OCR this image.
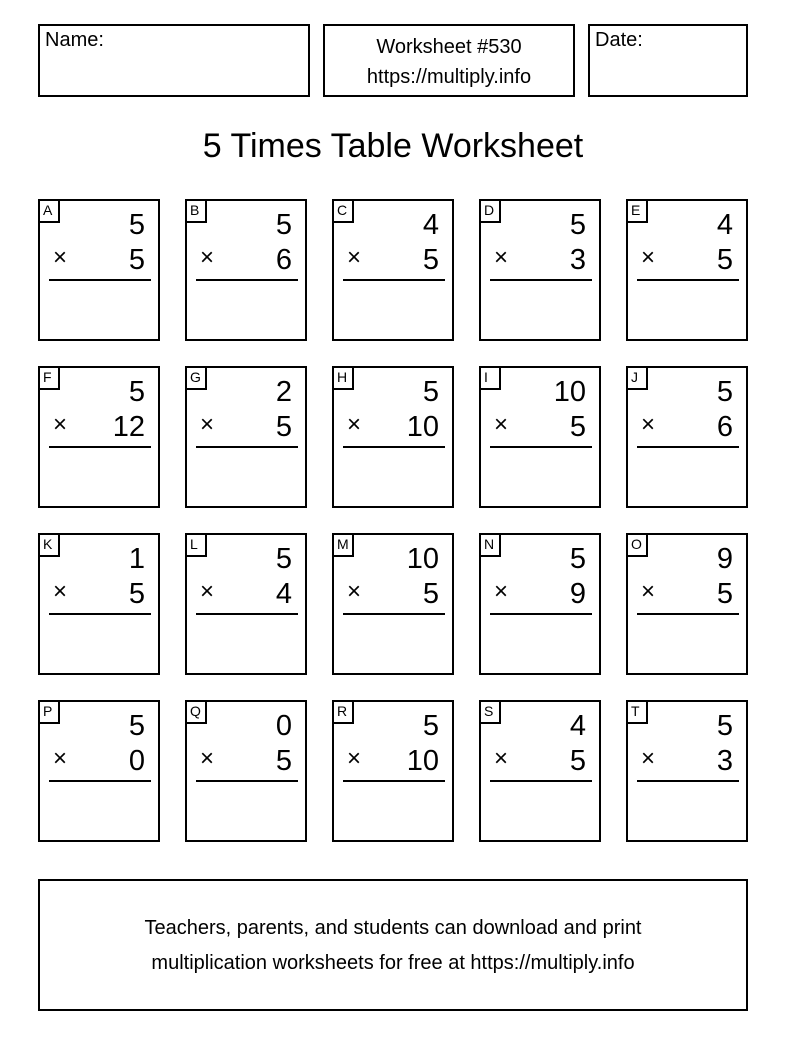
Name:	Worksheet #530
https://multiply.info
Date:
5 Times Table Worksheet
A	5
× 5
B	5
× 6
C	4
× 5
D	5
× 3
E	4
× 5
F	5
× 12
G	2
× 5
H	5
× 10
I	10
× 5
J	5
× 6
K	1
× 5
L	5
× 4
M 10
× 5
N	5
× 9
O	9
× 5
P	5
× 0
Q	0
× 5
R	5
× 10
S	4
× 5
T	5
× 3
Teachers, parents, and students can download and print
multiplication worksheets for free at https://multiply.info
